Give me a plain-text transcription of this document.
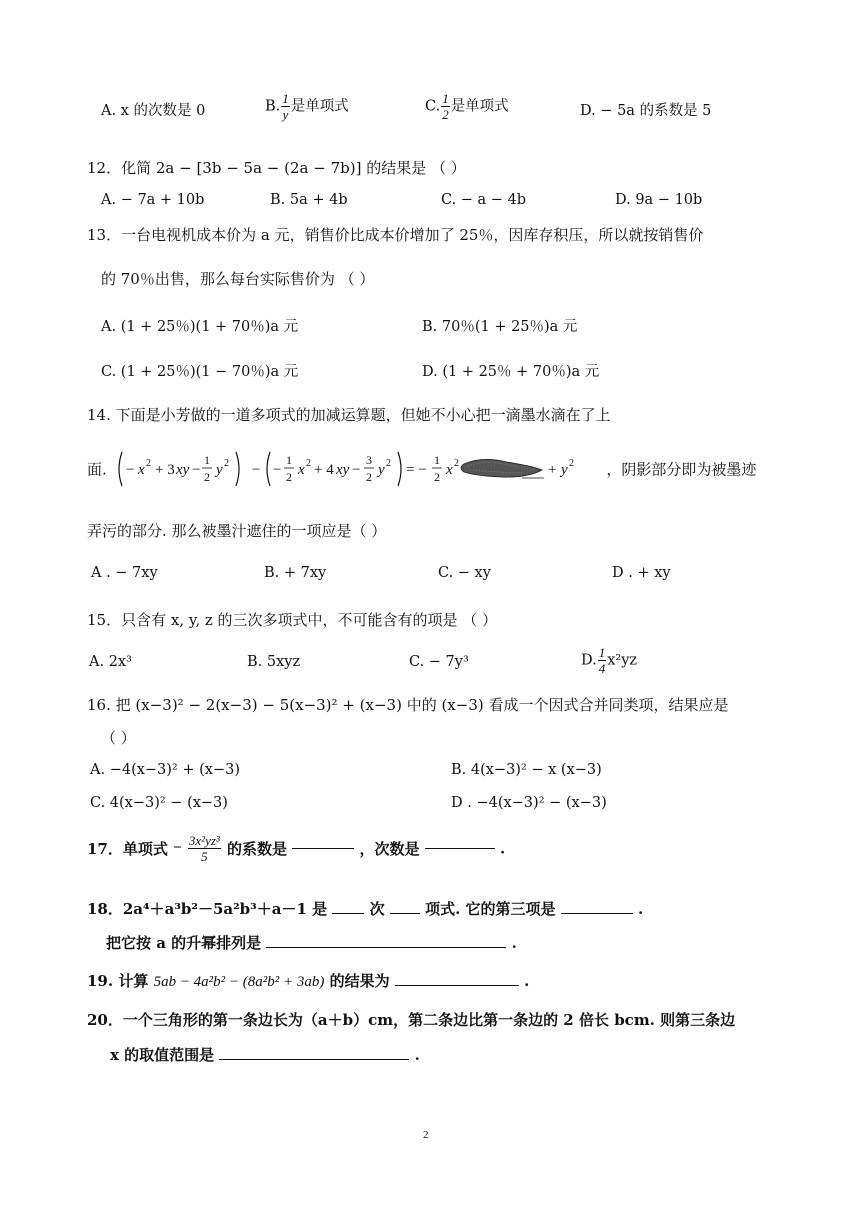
A. x 的次数是 0	B. $\frac{1}{y}$ 是单项式	C. $\frac{1}{2}$ 是单项式	D. − 5a 的系数是 5
12．化简 2a − [3b − 5a − (2a − 7b)] 的结果是 （ ）
A. − 7a + 10b	B. 5a + 4b	C. − a − 4b	D. 9a − 10b
13．一台电视机成本价为 a 元，销售价比成本价增加了 25％，因库存积压，所以就按销售价
的 70％出售，那么每台实际售价为 （ ）
A. (1 + 25％)(1 + 70％)a 元	B. 70％(1 + 25％)a 元
C. (1 + 25％)(1 − 70％)a 元	D. (1 + 25％ + 70％)a 元
14. 下面是小芳做的一道多项式的加减运算题，但她不小心把一滴墨水滴在了上
面. − x 2 + 3 xy −
1
2 y 2 − −
1
2 x 2 + 4 xy −
3
2 y 2 = −
1
2 x 2	+ y 2 ，阴影部分即为被墨迹
弄污的部分. 那么被墨汁遮住的一项应是（ ）
A . − 7xy	B. + 7xy	C. − xy	D . + xy
15．只含有 x, y, z 的三次多项式中，不可能含有的项是 （ ）
A. 2x³	B. 5xyz	C. − 7y³	D. $\frac{1}{4} x^2yz$
16. 把 (x−3)² − 2(x−3) − 5(x−3)² + (x−3) 中的 (x−3) 看成一个因式合并同类项，结果应是
（ ）
A. −4(x−3)² + (x−3)	B. 4(x−3)² − x (x−3)
C. 4(x−3)² − (x−3)	D . −4(x−3)² − (x−3)
17．单项式 − $\frac{\text{3x²yz³}}{5}$ 的系数是	，次数是	.
18．2a⁴＋a³b²－5a²b³＋a－1 是	次	项式. 它的第三项是	.
把它按 a 的升幂排列是	.
19. 计算 5ab − 4a²b² − (8a²b² + 3ab) 的结果为	.
20．一个三角形的第一条边长为（a＋b）cm，第二条边比第一条边的 2 倍长 bcm. 则第三条边
x 的取值范围是	.
2
